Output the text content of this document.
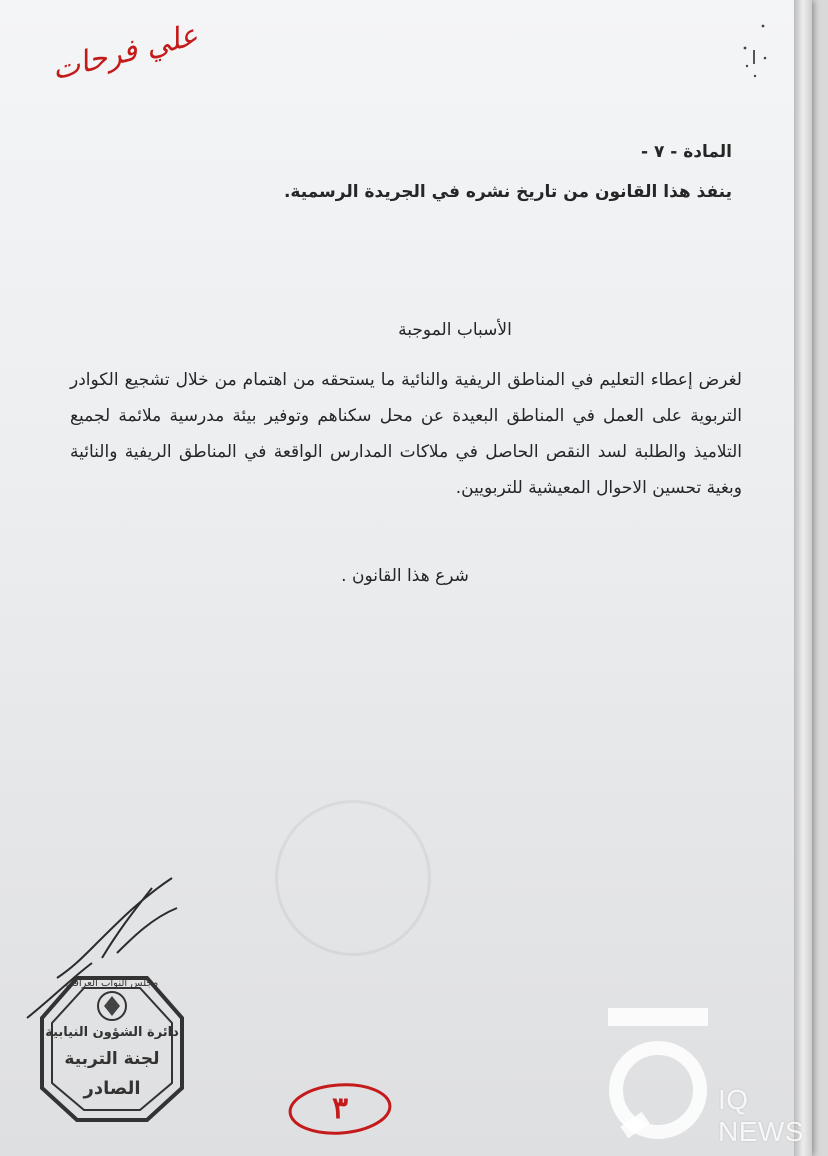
علي فرحات
المادة - ٧ -
ينفذ هذا القانون من تاريخ نشره في الجريدة الرسمية.
الأسباب الموجبة
لغرض إعطاء التعليم في المناطق الريفية والنائية ما يستحقه من اهتمام من خلال تشجيع الكوادر التربوية على العمل في المناطق البعيدة عن محل سكناهم وتوفير بيئة مدرسية ملائمة لجميع التلاميذ والطلبة لسد النقص الحاصل في ملاكات المدارس الواقعة في المناطق الريفية والنائية وبغية تحسين الاحوال المعيشية للتربويين.
شرع هذا القانون .
دائرة الشؤون النيابية
لجنة التربية
الصادر
مجلس النواب العراقي
٣	IQ NEWS
